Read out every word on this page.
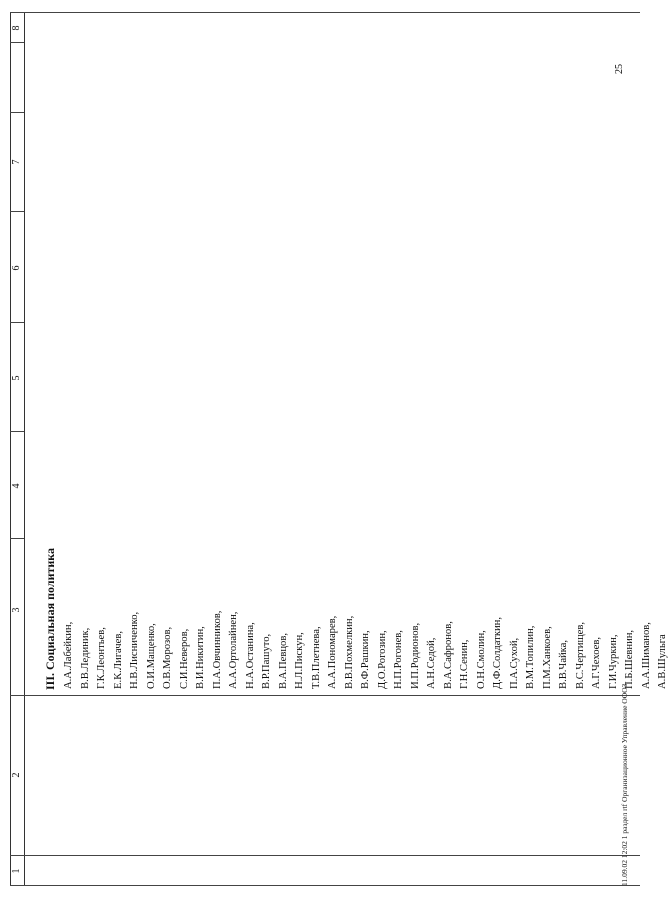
1
2
3
4
5
6
7
8
III. Социальная политика А.А.Лабейкин, В.В.Лединик, Г.К.Леонтьев, Е.К.Лигачев, Н.В.Лисниченко, О.И.Мащенко, О.В.Морозов, С.И.Неверов, В.И.Никитин, П.А.Овчинников, А.А.Ортолайнен, Н.А.Останина, В.Р.Пашуто, В.А.Певцов, Н.Л.Пискун, Т.В.Плетнева, А.А.Пономарев, В.В.Похмелкин, В.Ф.Рашкин, Д.О.Рогозин, Н.П.Рогонев, И.П.Родионов, А.Н.Седой, В.А.Сафронов, Г.Н.Сенин, О.Н.Смолин, Д.Ф.Солдаткин, П.А.Сухой, В.М.Топилин, П.М.Ханкоев, В.В.Чайка, В.С.Чертищев, А.Г.Чехоев, Г.И.Чуркин, П.Б.Шевнин, А.А.Шиманов, А.В.Шульга
11.09.02 12:02 1 раздел rtf Организационное Управление ОООЗ
25
